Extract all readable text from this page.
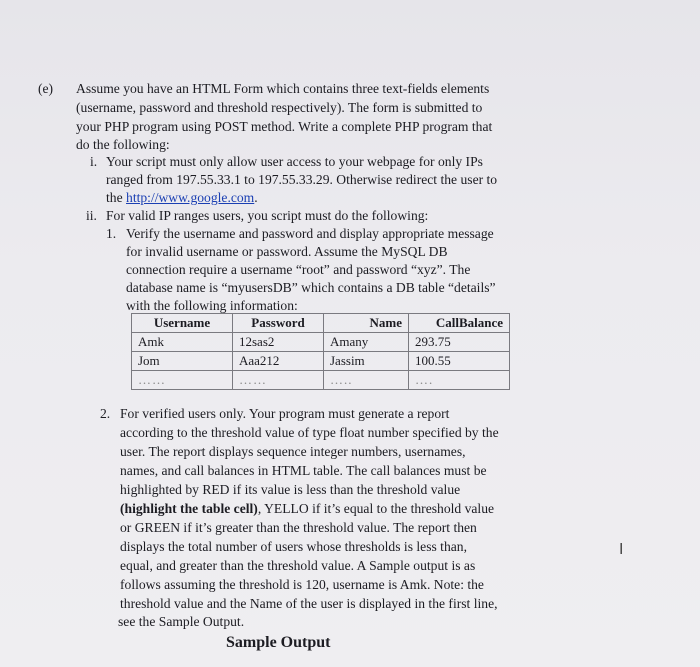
(e) Assume you have an HTML Form which contains three text-fields elements
(username, password and threshold respectively). The form is submitted to
your PHP program using POST method. Write a complete PHP program that
do the following:
i. Your script must only allow user access to your webpage for only IPs
ranged from 197.55.33.1 to 197.55.33.29. Otherwise redirect the user to
the http://www.google.com.
ii. For valid IP ranges users, you script must do the following:
1. Verify the username and password and display appropriate message
for invalid username or password. Assume the MySQL DB
connection require a username “root” and password “xyz”. The
database name is “myusersDB” which contains a DB table “details”
with the following information:
Username	Password	Name	CallBalance
Amk	12sas2	Amany	293.75
Jom	Aaa212	Jassim	100.55
……	……	…..	….
2. For verified users only. Your program must generate a report
according to the threshold value of type float number specified by the
user. The report displays sequence integer numbers, usernames,
names, and call balances in HTML table. The call balances must be
highlighted by RED if its value is less than the threshold value
(highlight the table cell), YELLO if it’s equal to the threshold value
or GREEN if it’s greater than the threshold value. The report then
displays the total number of users whose thresholds is less than,
equal, and greater than the threshold value. A Sample output is as
follows assuming the threshold is 120, username is Amk. Note: the
threshold value and the Name of the user is displayed in the first line,
see the Sample Output.
Sample Output
I
